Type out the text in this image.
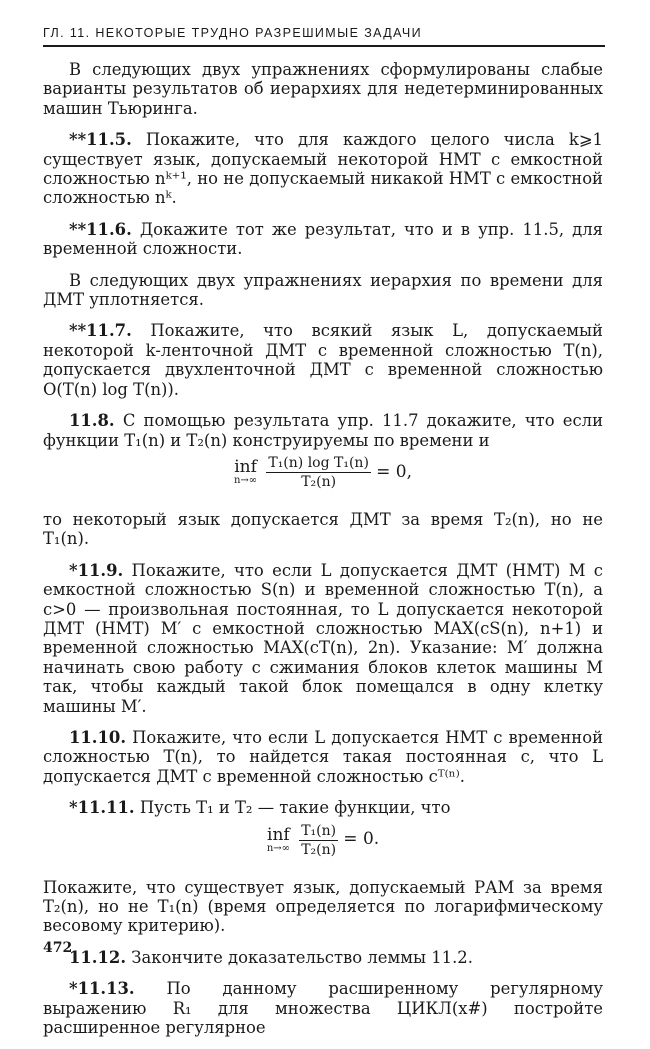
ГЛ. 11. НЕКОТОРЫЕ ТРУДНО РАЗРЕШИМЫЕ ЗАДАЧИ

В следующих двух упражнениях сформулированы слабые варианты результатов об иерархиях для недетерминированных машин Тьюринга.

**11.5. Покажите, что для каждого целого числа k⩾1 существует язык, допускаемый некоторой НМТ с емкостной сложностью nᵏ⁺¹, но не допускаемый никакой НМТ с емкостной сложностью nᵏ.

**11.6. Докажите тот же результат, что и в упр. 11.5, для временной сложности.

В следующих двух упражнениях иерархия по времени для ДМТ уплотняется.

**11.7. Покажите, что всякий язык L, допускаемый некоторой k-ленточной ДМТ с временной сложностью T(n), допускается двухленточной ДМТ с временной сложностью O(T(n) log T(n)).

11.8. С помощью результата упр. 11.7 докажите, что если функции T₁(n) и T₂(n) конструируемы по времени и

inf
n→∞
$\frac{\text{T₁(n) log T₁(n)}}{\text{T₂(n)}} = 0$,

то некоторый язык допускается ДМТ за время T₂(n), но не T₁(n).

*11.9. Покажите, что если L допускается ДМТ (НМТ) M с емкостной сложностью S(n) и временной сложностью T(n), а c>0 — произвольная постоянная, то L допускается некоторой ДМТ (НМТ) M′ с емкостной сложностью MAX(cS(n), n+1) и временной сложностью MAX(cT(n), 2n). Указание: M′ должна начинать свою работу с сжимания блоков клеток машины M так, чтобы каждый такой блок помещался в одну клетку машины M′.

11.10. Покажите, что если L допускается НМТ с временной сложностью T(n), то найдется такая постоянная c, что L допускается ДМТ с временной сложностью cᵀ⁽ⁿ⁾.

*11.11. Пусть T₁ и T₂ — такие функции, что

inf
n→∞
$\frac{\text{T₁(n)}}{\text{T₂(n)}} = 0$.

Покажите, что существует язык, допускаемый РАМ за время T₂(n), но не T₁(n) (время определяется по логарифмическому весовому критерию).

11.12. Закончите доказательство леммы 11.2.

*11.13. По данному расширенному регулярному выражению R₁ для множества ЦИКЛ(x#) постройте расширенное регулярное

472
